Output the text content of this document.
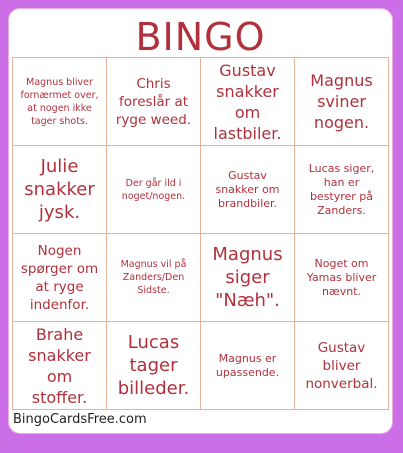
BINGO
Magnus bliver fornærmet over, at nogen ikke tager shots.
Chris foreslår at ryge weed.
Gustav snakker om lastbiler.
Magnus sviner nogen.
Julie snakker jysk.
Der går ild i noget/nogen.
Gustav snakker om brandbiler.
Lucas siger, han er bestyrer på Zanders.
Nogen spørger om at ryge indenfor.
Magnus vil på Zanders/Den Sidste.
Magnus siger "Næh".
Noget om Yamas bliver nævnt.
Brahe snakker om stoffer.
Lucas tager billeder.
Magnus er upassende.
Gustav bliver nonverbal.
BingoCardsFree.com
